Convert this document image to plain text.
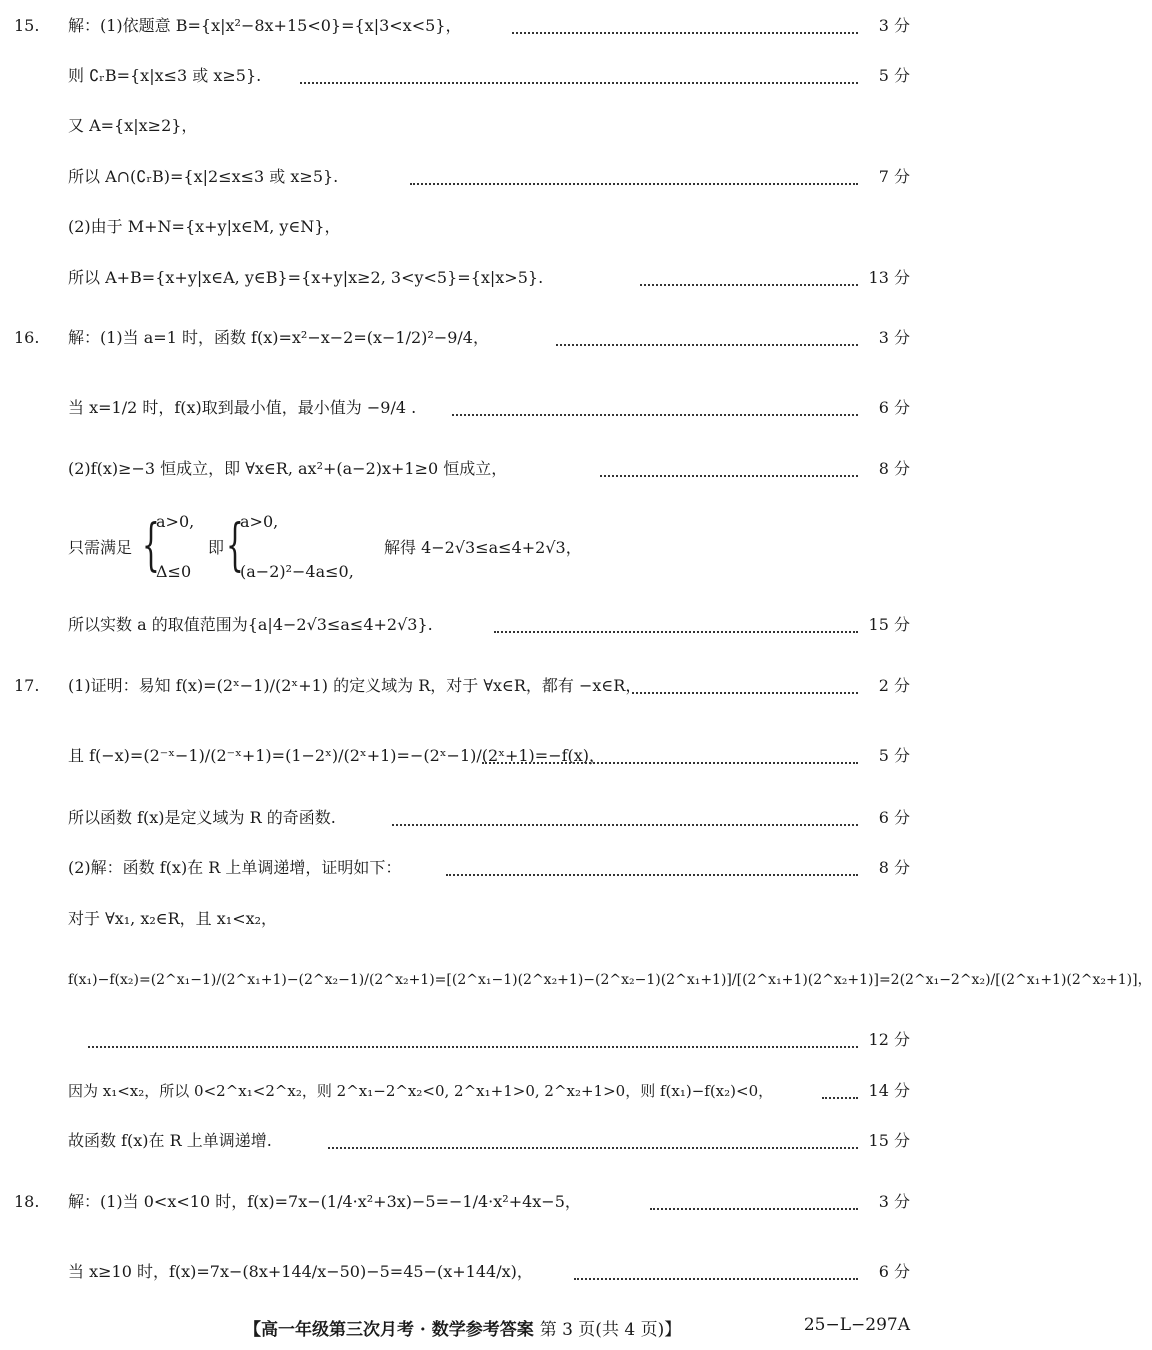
15. 解：(1)依题意 B={x|x²−8x+15<0}={x|3<x<5}，	3 分
则 ∁ᵣB={x|x≤3 或 x≥5}.	5 分
又 A={x|x≥2}，
所以 A∩(∁ᵣB)={x|2≤x≤3 或 x≥5}.	7 分
(2)由于 M+N={x+y|x∈M, y∈N}，
所以 A+B={x+y|x∈A, y∈B}={x+y|x≥2, 3<y<5}={x|x>5}.	13 分
16. 解：(1)当 a=1 时，函数 f(x)=x²−x−2=(x−1/2)²−9/4，	3 分
当 x=1/2 时，f(x)取到最小值，最小值为 −9/4 .	6 分
(2)f(x)≥−3 恒成立，即 ∀x∈R, ax²+(a−2)x+1≥0 恒成立，	8 分
只需满足 {
a>0,
Δ≤0
即 {
a>0,
(a−2)²−4a≤0,
解得 4−2√3≤a≤4+2√3，
所以实数 a 的取值范围为{a|4−2√3≤a≤4+2√3}.	15 分
17. (1)证明：易知 f(x)=(2ˣ−1)/(2ˣ+1) 的定义域为 R，对于 ∀x∈R，都有 −x∈R，	2 分
且 f(−x)=(2⁻ˣ−1)/(2⁻ˣ+1)=(1−2ˣ)/(2ˣ+1)=−(2ˣ−1)/(2ˣ+1)=−f(x)，	5 分
所以函数 f(x)是定义域为 R 的奇函数.	6 分
(2)解：函数 f(x)在 R 上单调递增，证明如下：	8 分
对于 ∀x₁, x₂∈R，且 x₁<x₂，
f(x₁)−f(x₂)=(2^x₁−1)/(2^x₁+1)−(2^x₂−1)/(2^x₂+1)=[(2^x₁−1)(2^x₂+1)−(2^x₂−1)(2^x₁+1)]/[(2^x₁+1)(2^x₂+1)]=2(2^x₁−2^x₂)/[(2^x₁+1)(2^x₂+1)]，
12 分
因为 x₁<x₂，所以 0<2^x₁<2^x₂，则 2^x₁−2^x₂<0, 2^x₁+1>0, 2^x₂+1>0，则 f(x₁)−f(x₂)<0，	14 分
故函数 f(x)在 R 上单调递增.	15 分
18. 解：(1)当 0<x<10 时，f(x)=7x−(1/4·x²+3x)−5=−1/4·x²+4x−5，	3 分
当 x≥10 时，f(x)=7x−(8x+144/x−50)−5=45−(x+144/x)，	6 分
【高一年级第三次月考 · 数学参考答案 第 3 页(共 4 页)】	25−L−297A
